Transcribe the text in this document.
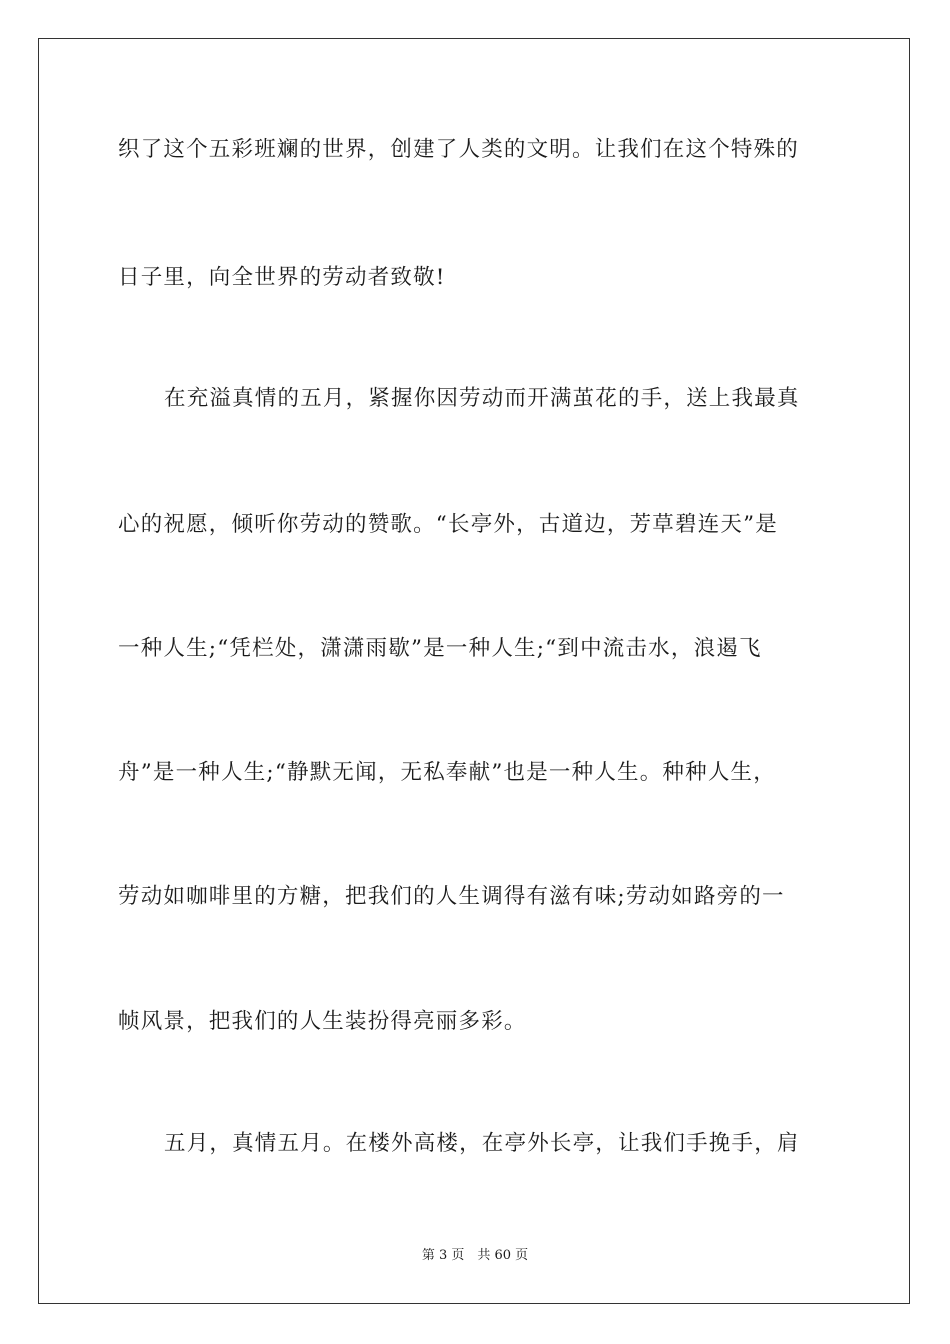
织了这个五彩班斓的世界，创建了人类的文明。让我们在这个特殊的
日子里，向全世界的劳动者致敬!
在充溢真情的五月，紧握你因劳动而开满茧花的手，送上我最真
心的祝愿，倾听你劳动的赞歌。“长亭外，古道边，芳草碧连天”是
一种人生;“凭栏处，潇潇雨歇”是一种人生;“到中流击水，浪遏飞
舟”是一种人生;“静默无闻，无私奉献”也是一种人生。种种人生，
劳动如咖啡里的方糖，把我们的人生调得有滋有味;劳动如路旁的一
帧风景，把我们的人生装扮得亮丽多彩。
五月，真情五月。在楼外高楼，在亭外长亭，让我们手挽手，肩
第 3 页　共 60 页
